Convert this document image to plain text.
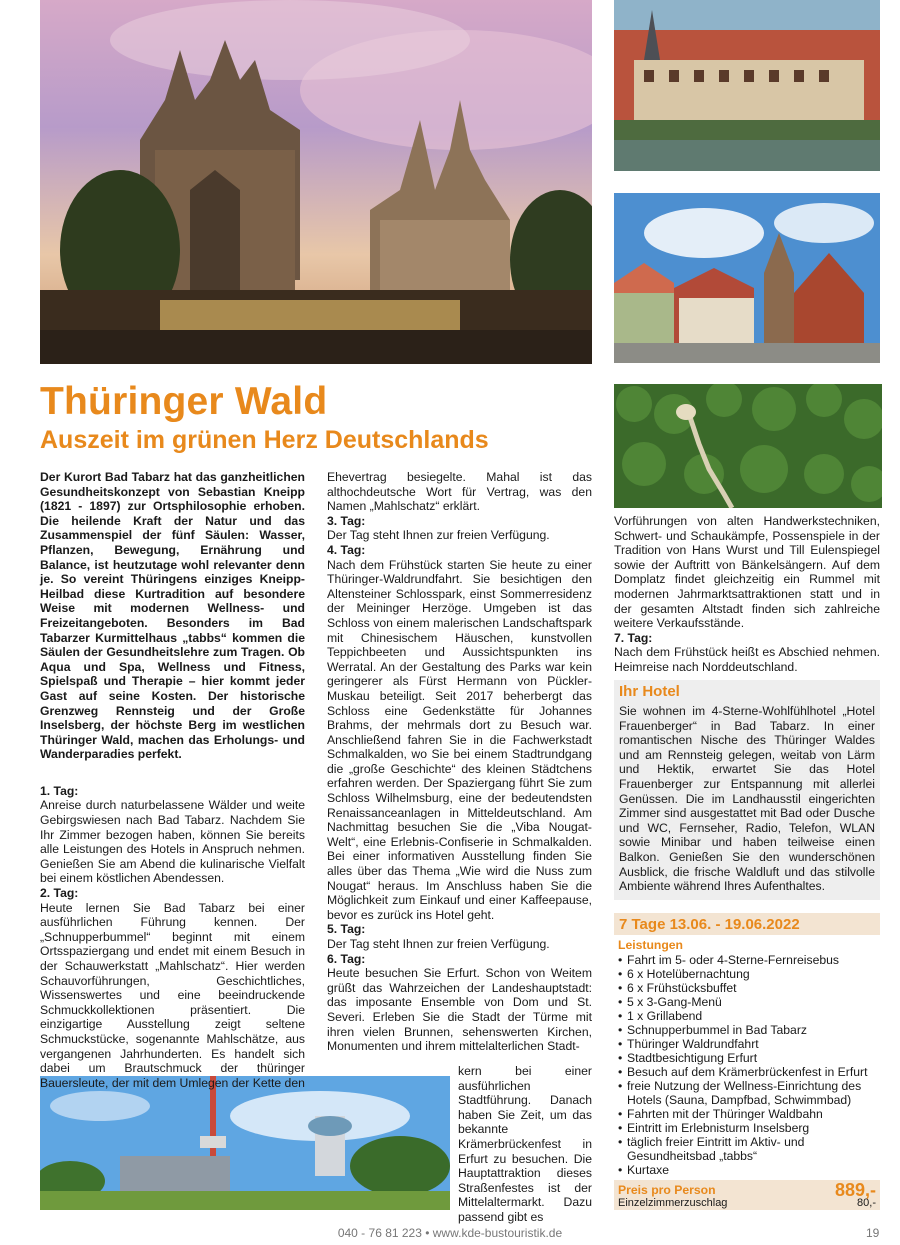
Thüringer Wald
Auszeit im grünen Herz Deutschlands

Der Kurort Bad Tabarz hat das ganzheitlichen Gesundheitskonzept von Sebastian Kneipp (1821 - 1897) zur Ortsphilosophie erhoben. Die heilende Kraft der Natur und das Zusammenspiel der fünf Säulen: Wasser, Pflanzen, Bewegung, Ernährung und Balance, ist heutzutage wohl relevanter denn je. So vereint Thüringens einziges Kneipp-Heilbad diese Kurtradition auf besondere Weise mit modernen Wellness- und Freizeitangeboten. Besonders im Bad Tabarzer Kurmittelhaus „tabbs“ kommen die Säulen der Gesundheitslehre zum Tragen. Ob Aqua und Spa, Wellness und Fitness, Spielspaß und Therapie – hier kommt jeder Gast auf seine Kosten. Der historische Grenzweg Rennsteig und der Große Inselsberg, der höchste Berg im westlichen Thüringer Wald, machen das Erholungs- und Wanderparadies perfekt.

1. Tag:

Anreise durch naturbelassene Wälder und weite Gebirgswiesen nach Bad Tabarz. Nachdem Sie Ihr Zimmer bezogen haben, können Sie bereits alle Leistungen des Hotels in Anspruch nehmen. Genießen Sie am Abend die kulinarische Vielfalt bei einem köstlichen Abendessen.

2. Tag:

Heute lernen Sie Bad Tabarz bei einer ausführlichen Führung kennen. Der „Schnupperbummel“ beginnt mit einem Ortsspaziergang und endet mit einem Besuch in der Schauwerkstatt „Mahlschatz“. Hier werden Schauvorführungen, Geschichtliches, Wissenswertes und eine beeindruckende Schmuckkollektionen präsentiert. Die einzigartige Ausstellung zeigt seltene Schmuckstücke, sogenannte Mahlschätze, aus vergangenen Jahrhunderten. Es handelt sich dabei um Brautschmuck der thüringer Bauersleute, der mit dem Umlegen der Kette den

Ehevertrag besiegelte. Mahal ist das althochdeutsche Wort für Vertrag, was den Namen „Mahlschatz“ erklärt.

3. Tag:

Der Tag steht Ihnen zur freien Verfügung.

4. Tag:

Nach dem Frühstück starten Sie heute zu einer Thüringer-Waldrundfahrt. Sie besichtigen den Altensteiner Schlosspark, einst Sommerresidenz der Meininger Herzöge. Umgeben ist das Schloss von einem malerischen Landschaftspark mit Chinesischem Häuschen, kunstvollen Teppichbeeten und Aussichtspunkten ins Werratal. An der Gestaltung des Parks war kein geringerer als Fürst Hermann von Pückler-Muskau beteiligt. Seit 2017 beherbergt das Schloss eine Gedenkstätte für Johannes Brahms, der mehrmals dort zu Besuch war. Anschließend fahren Sie in die Fachwerkstadt Schmalkalden, wo Sie bei einem Stadtrundgang die „große Geschichte“ des kleinen Städtchens erfahren werden. Der Spaziergang führt Sie zum Schloss Wilhelmsburg, eine der bedeutendsten Renaissanceanlagen in Mitteldeutschland. Am Nachmittag besuchen Sie die „Viba Nougat-Welt“, eine Erlebnis-Confiserie in Schmalkalden. Bei einer informativen Ausstellung finden Sie alles über das Thema „Wie wird die Nuss zum Nougat“ heraus. Im Anschluss haben Sie die Möglichkeit zum Einkauf und einer Kaffeepause, bevor es zurück ins Hotel geht.

5. Tag:

Der Tag steht Ihnen zur freien Verfügung.

6. Tag:

Heute besuchen Sie Erfurt. Schon von Weitem grüßt das Wahrzeichen der Landeshauptstadt: das imposante Ensemble von Dom und St. Severi. Erleben Sie die Stadt der Türme mit ihren vielen Brunnen, sehenswerten Kirchen, Monumenten und ihrem mittelalterlichen Stadt-

kern bei einer ausführlichen Stadtführung. Danach haben Sie Zeit, um das bekannte Krämerbrückenfest in Erfurt zu besuchen. Die Hauptattraktion dieses Straßenfestes ist der Mittelaltermarkt. Dazu passend gibt es

Vorführungen von alten Handwerkstechniken, Schwert- und Schaukämpfe, Possenspiele in der Tradition von Hans Wurst und Till Eulenspiegel sowie der Auftritt von Bänkelsängern. Auf dem Domplatz findet gleichzeitig ein Rummel mit modernen Jahrmarktsattraktionen statt und in der gesamten Altstadt finden sich zahlreiche weitere Verkaufsstände.

7. Tag:

Nach dem Frühstück heißt es Abschied nehmen. Heimreise nach Norddeutschland.

Ihr Hotel
Sie wohnen im 4-Sterne-Wohlfühlhotel „Hotel Frauenberger“ in Bad Tabarz. In einer romantischen Nische des Thüringer Waldes und am Rennsteig gelegen, weitab von Lärm und Hektik, erwartet Sie das Hotel Frauenberger zur Entspannung mit allerlei Genüssen. Die im Landhausstil eingerichten Zimmer sind ausgestattet mit Bad oder Dusche und WC, Fernseher, Radio, Telefon, WLAN sowie Minibar und haben teilweise einen Balkon. Genießen Sie den wunderschönen Ausblick, die frische Waldluft und das stilvolle Ambiente während Ihres Aufenthaltes.
7 Tage 13.06. - 19.06.2022
Leistungen
• Fahrt im 5- oder 4-Sterne-Fernreisebus
• 6 x Hotelübernachtung
• 6 x Frühstücksbuffet
• 5 x 3-Gang-Menü
• 1 x Grillabend
• Schnupperbummel in Bad Tabarz
• Thüringer Waldrundfahrt
• Stadtbesichtigung Erfurt
• Besuch auf dem Krämerbrückenfest in Erfurt
• freie Nutzung der Wellness-Einrichtung des Hotels (Sauna, Dampfbad, Schwimmbad)
• Fahrten mit der Thüringer Waldbahn
• Eintritt im Erlebnisturm Inselsberg
• täglich freier Eintritt im Aktiv- und Gesundheitsbad „tabbs“
• Kurtaxe
Preis pro Person	889,-
Einzelzimmerzuschlag	80,-
040 - 76 81 223 • www.kde-bustouristik.de	19
